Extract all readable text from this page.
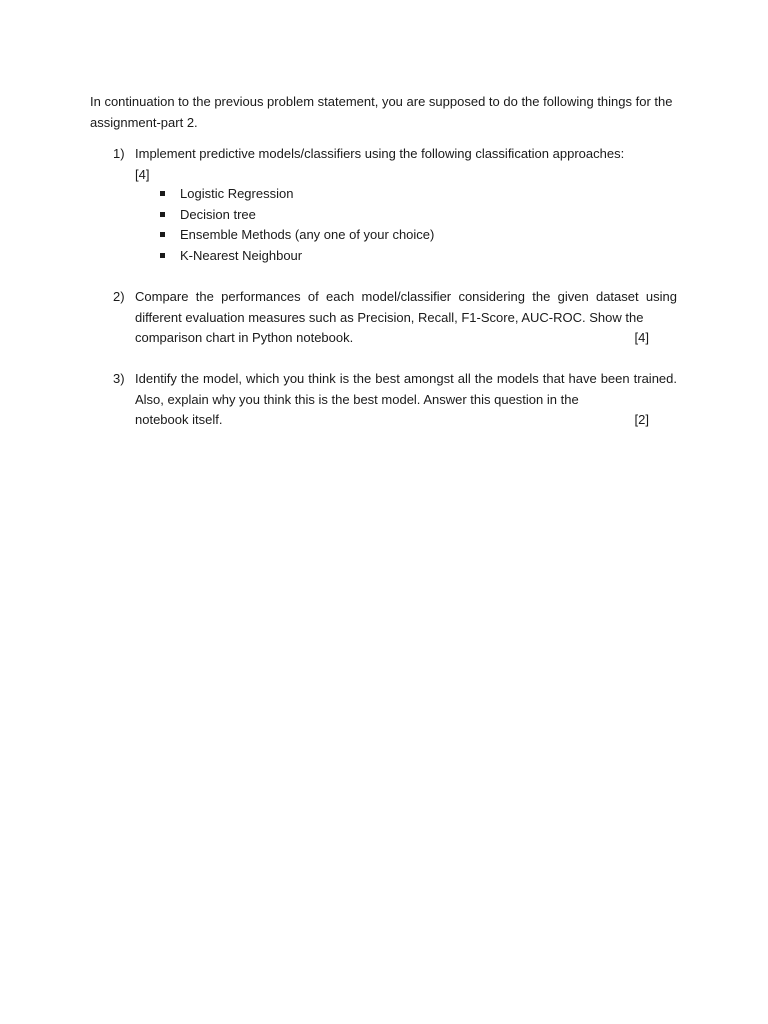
In continuation to the previous problem statement, you are supposed to do the following things for the assignment-part 2.

1) Implement predictive models/classifiers using the following classification approaches:
[4]

Logistic Regression
Decision tree
Ensemble Methods (any one of your choice)
K-Nearest Neighbour
2) Compare the performances of each model/classifier considering the given dataset using different evaluation measures such as Precision, Recall, F1-Score, AUC-ROC. Show the
comparison chart in Python notebook.	[4]

3) Identify the model, which you think is the best amongst all the models that have been trained. Also, explain why you think this is the best model. Answer this question in the
notebook itself.	[2]
